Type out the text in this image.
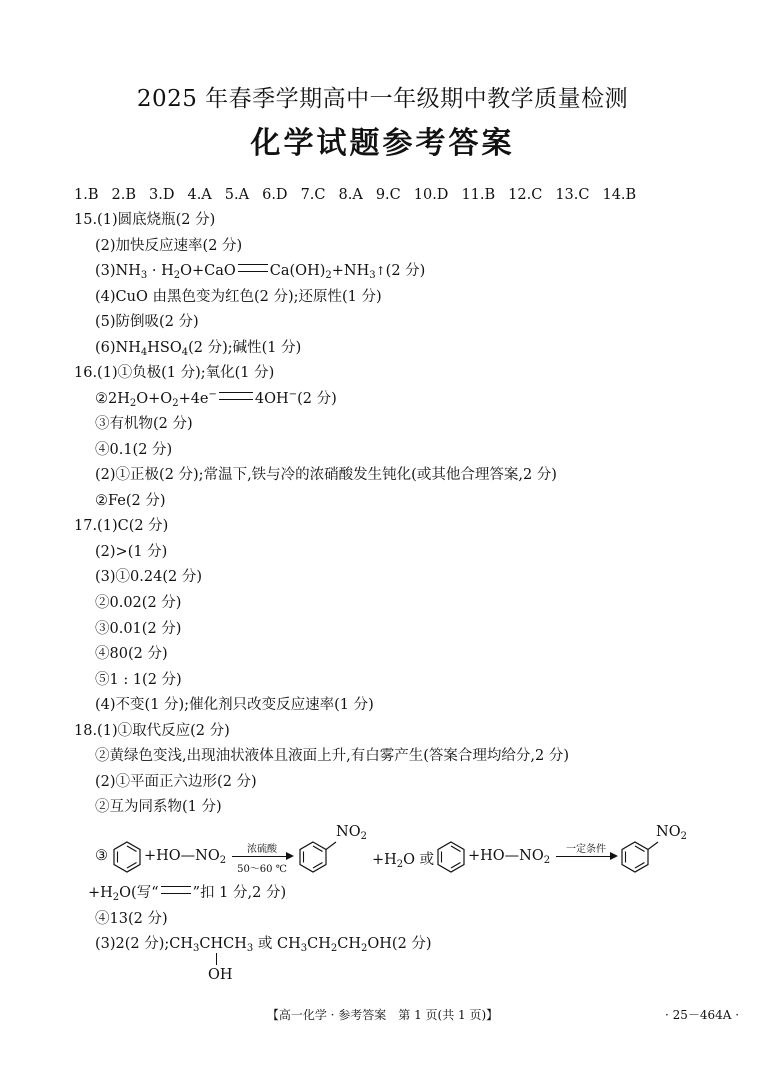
2025 年春季学期高中一年级期中教学质量检测
化学试题参考答案
1.B 2.B 3.D 4.A 5.A 6.D 7.C 8.A 9.C 10.D 11.B 12.C 13.C 14.B
15.(1)圆底烧瓶(2 分)
(2)加快反应速率(2 分)
$(3)NH_3 \cdot H_2O+CaO$ $Ca(OH)_2+NH_3↑(2$ 分)
(4)CuO 由黑色变为红色(2 分);还原性(1 分)
(5)防倒吸(2 分)
$(6)NH_4HSO_4(2$ 分);碱性(1 分)
16.(1)①负极(1 分);氧化(1 分)
$②2H_2O+O_2+4e^-$	4OH−(2 分)
③有机物(2 分)
④0.1(2 分)
(2)①正极(2 分);常温下,铁与冷的浓硝酸发生钝化(或其他合理答案,2 分)
②Fe(2 分)
17.(1)C(2 分)
(2)>(1 分)
(3)①0.24(2 分)
②0.02(2 分)
③0.01(2 分)
④80(2 分)
⑤1 : 1(2 分)
(4)不变(1 分);催化剂只改变反应速率(1 分)
18.(1)①取代反应(2 分)
②黄绿色变浅,出现油状液体且液面上升,有白雾产生(答案合理均给分,2 分)
(2)①平面正六边形(2 分)
②互为同系物(1 分)
③ $+HO—NO_2$
浓硫酸
50～60 ℃
$NO_2$
$+H_2O$ 或 $+HO—NO_2$
一定条件
$NO_2$
$+H_2O$(写“ ”扣 1 分,2 分)
④13(2 分)
(3)2(2 分)$;CH_3CHCH_3$ 或 $CH_3CH_2CH_2OH(2$ 分)
OH
【高一化学 · 参考答案　第 1 页(共 1 页)】	· 25－464A ·
